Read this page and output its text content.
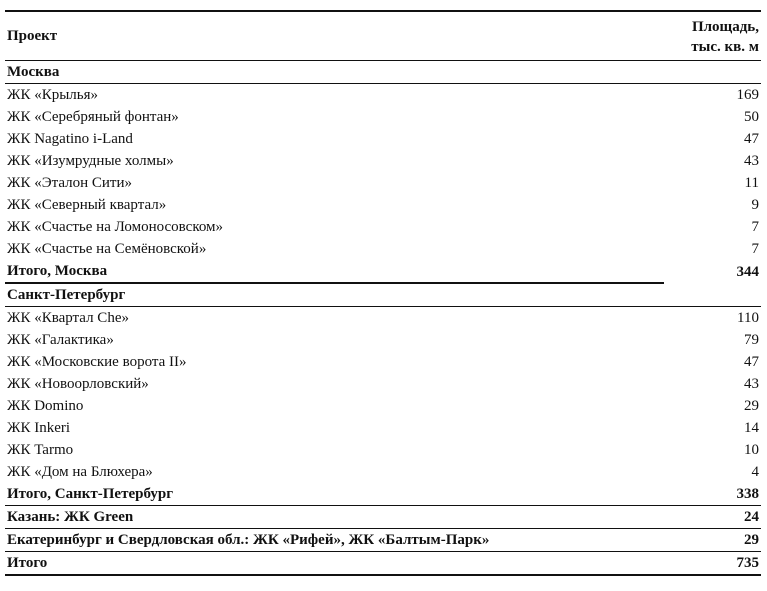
Проект	Площадь,
тыс. кв. м
Москва	
ЖК «Крылья»	169
ЖК «Серебряный фонтан»	50
ЖК Nagatino i-Land	47
ЖК «Изумрудные холмы»	43
ЖК «Эталон Сити»	11
ЖК «Северный квартал»	9
ЖК «Счастье на Ломоносовском»	7
ЖК «Счастье на Семёновской»	7
Итого, Москва	344
Санкт-Петербург	
ЖК «Квартал Che»	110
ЖК «Галактика»	79
ЖК «Московские ворота II»	47
ЖК «Новоорловский»	43
ЖК Domino	29
ЖК Inkeri	14
ЖК Tarmo	10
ЖК «Дом на Блюхера»	4
Итого, Санкт-Петербург	338
Казань: ЖК Green	24
Екатеринбург и Свердловская обл.: ЖК «Рифей», ЖК «Балтым-Парк»	29
Итого	735
